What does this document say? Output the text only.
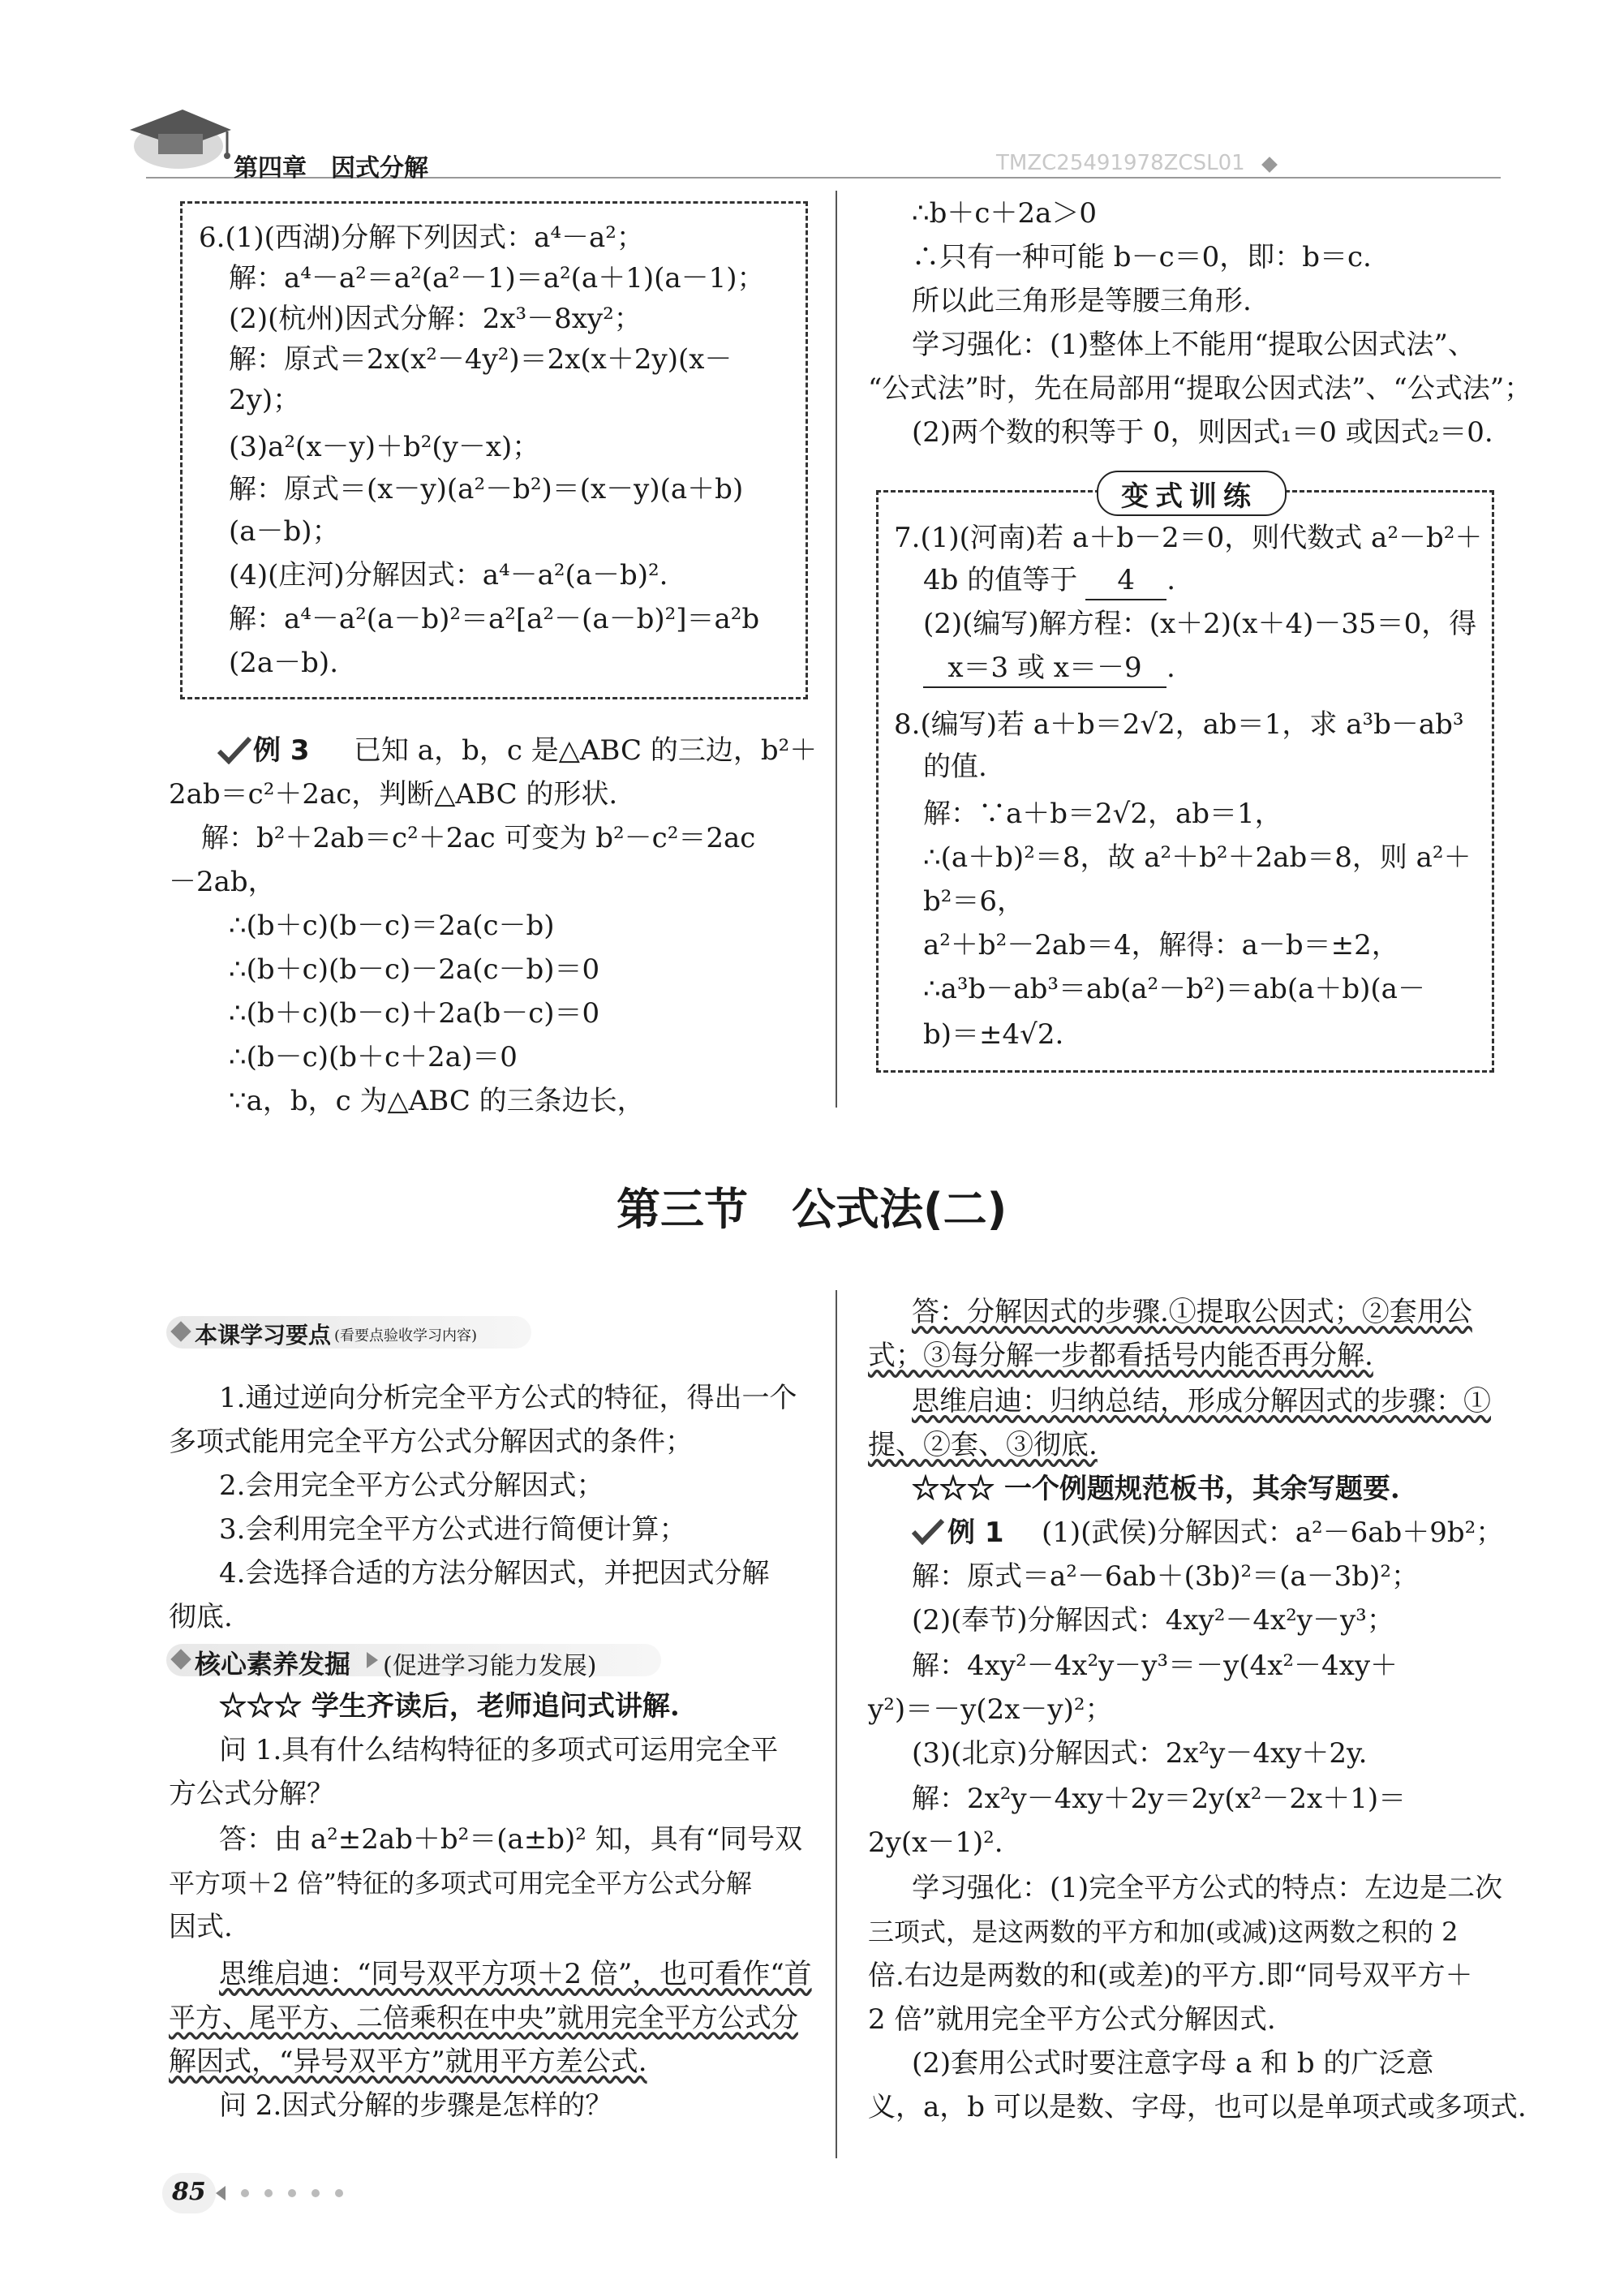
第四章　因式分解	TMZC25491978ZCSL01
6.(1)(西湖)分解下列因式：a⁴－a²；
解：a⁴－a²＝a²(a²－1)＝a²(a＋1)(a－1)；
(2)(杭州)因式分解：2x³－8xy²；
解：原式＝2x(x²－4y²)＝2x(x＋2y)(x－
2y)；
(3)a²(x－y)＋b²(y－x)；
解：原式＝(x－y)(a²－b²)＝(x－y)(a＋b)
(a－b)；
(4)(庄河)分解因式：a⁴－a²(a－b)².
解：a⁴－a²(a－b)²＝a²[a²－(a－b)²]＝a²b
(2a－b).
例 3 已知 a，b，c 是△ABC 的三边，b²＋
2ab＝c²＋2ac，判断△ABC 的形状.
解：b²＋2ab＝c²＋2ac 可变为 b²－c²＝2ac
－2ab，
∴(b＋c)(b－c)＝2a(c－b)
∴(b＋c)(b－c)－2a(c－b)＝0
∴(b＋c)(b－c)＋2a(b－c)＝0
∴(b－c)(b＋c＋2a)＝0
∵a，b，c 为△ABC 的三条边长，
∴b＋c＋2a＞0
∴只有一种可能 b－c＝0，即：b＝c.
所以此三角形是等腰三角形.
学习强化：(1)整体上不能用“提取公因式法”、
“公式法”时，先在局部用“提取公因式法”、“公式法”；
(2)两个数的积等于 0，则因式₁＝0 或因式₂＝0.
变式训练
7.(1)(河南)若 a＋b－2＝0，则代数式 a²－b²＋
4b 的值等于 4 .
(2)(编写)解方程：(x＋2)(x＋4)－35＝0，得
x＝3 或 x＝－9 .
8.(编写)若 a＋b＝2√2，ab＝1，求 a³b－ab³
的值.
解：∵a＋b＝2√2，ab＝1，
∴(a＋b)²＝8，故 a²＋b²＋2ab＝8，则 a²＋
b²＝6，
a²＋b²－2ab＝4，解得：a－b＝±2，
∴a³b－ab³＝ab(a²－b²)＝ab(a＋b)(a－
b)＝±4√2.
第三节　公式法(二)
本课学习要点 (看要点验收学习内容)
1.通过逆向分析完全平方公式的特征，得出一个
多项式能用完全平方公式分解因式的条件；
2.会用完全平方公式分解因式；
3.会利用完全平方公式进行简便计算；
4.会选择合适的方法分解因式，并把因式分解
彻底.
核心素养发掘 (促进学习能力发展)
☆☆☆ 学生齐读后，老师追问式讲解.
问 1.具有什么结构特征的多项式可运用完全平
方公式分解？
答：由 a²±2ab＋b²＝(a±b)² 知，具有“同号双
平方项＋2 倍”特征的多项式可用完全平方公式分解
因式.
思维启迪：“同号双平方项＋2 倍”，也可看作“首
平方、尾平方、二倍乘积在中央”就用完全平方公式分
解因式，“异号双平方”就用平方差公式.
问 2.因式分解的步骤是怎样的？
答：分解因式的步骤.①提取公因式；②套用公
式；③每分解一步都看括号内能否再分解.
思维启迪：归纳总结，形成分解因式的步骤：①
提、②套、③彻底.
☆☆☆ 一个例题规范板书，其余写题要.
例 1 (1)(武侯)分解因式：a²－6ab＋9b²；
解：原式＝a²－6ab＋(3b)²＝(a－3b)²；
(2)(奉节)分解因式：4xy²－4x²y－y³；
解：4xy²－4x²y－y³＝－y(4x²－4xy＋
y²)＝－y(2x－y)²；
(3)(北京)分解因式：2x²y－4xy＋2y.
解：2x²y－4xy＋2y＝2y(x²－2x＋1)＝
2y(x－1)².
学习强化：(1)完全平方公式的特点：左边是二次
三项式，是这两数的平方和加(或减)这两数之积的 2
倍.右边是两数的和(或差)的平方.即“同号双平方＋
2 倍”就用完全平方公式分解因式.
(2)套用公式时要注意字母 a 和 b 的广泛意
义，a，b 可以是数、字母，也可以是单项式或多项式.
85
